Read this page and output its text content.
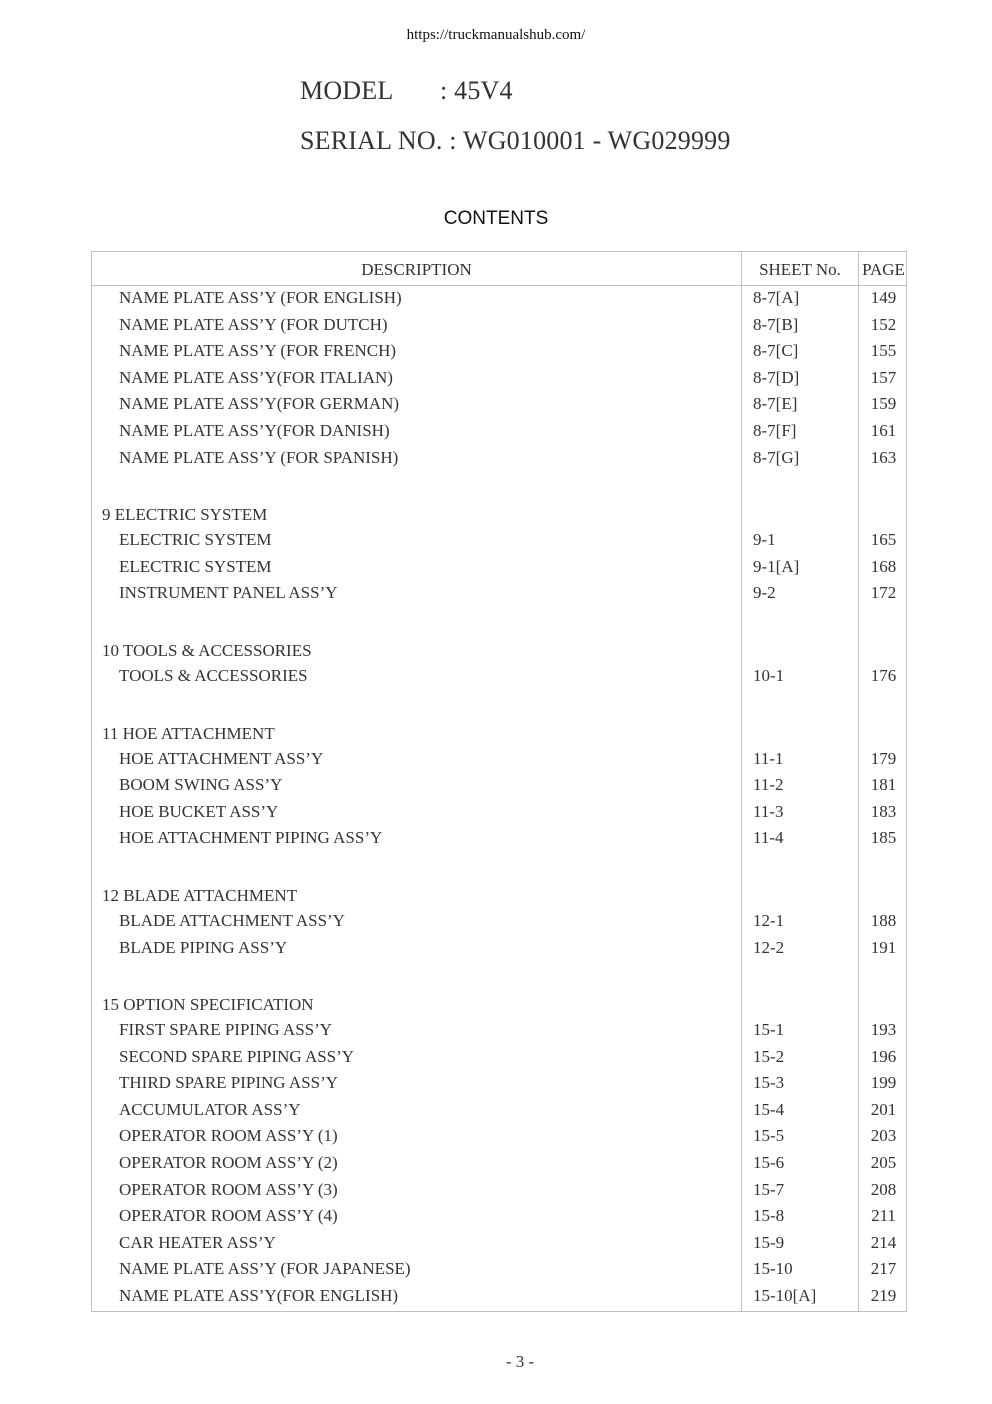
https://truckmanualshub.com/
MODEL : 45V4
SERIAL NO. : WG010001 - WG029999
CONTENTS
DESCRIPTION	SHEET No.	PAGE
NAME PLATE ASS’Y (FOR ENGLISH)	8-7[A]	149
NAME PLATE ASS’Y (FOR DUTCH)	8-7[B]	152
NAME PLATE ASS’Y (FOR FRENCH)	8-7[C]	155
NAME PLATE ASS’Y(FOR ITALIAN)	8-7[D]	157
NAME PLATE ASS’Y(FOR GERMAN)	8-7[E]	159
NAME PLATE ASS’Y(FOR DANISH)	8-7[F]	161
NAME PLATE ASS’Y (FOR SPANISH)	8-7[G]	163
9 ELECTRIC SYSTEM
ELECTRIC SYSTEM	9-1	165
ELECTRIC SYSTEM	9-1[A]	168
INSTRUMENT PANEL ASS’Y	9-2	172
10 TOOLS & ACCESSORIES
TOOLS & ACCESSORIES	10-1	176
11 HOE ATTACHMENT
HOE ATTACHMENT ASS’Y	11-1	179
BOOM SWING ASS’Y	11-2	181
HOE BUCKET ASS’Y	11-3	183
HOE ATTACHMENT PIPING ASS’Y	11-4	185
12 BLADE ATTACHMENT
BLADE ATTACHMENT ASS’Y	12-1	188
BLADE PIPING ASS’Y	12-2	191
15 OPTION SPECIFICATION
FIRST SPARE PIPING ASS’Y	15-1	193
SECOND SPARE PIPING ASS’Y	15-2	196
THIRD SPARE PIPING ASS’Y	15-3	199
ACCUMULATOR ASS’Y	15-4	201
OPERATOR ROOM ASS’Y (1)	15-5	203
OPERATOR ROOM ASS’Y (2)	15-6	205
OPERATOR ROOM ASS’Y (3)	15-7	208
OPERATOR ROOM ASS’Y (4)	15-8	211
CAR HEATER ASS’Y	15-9	214
NAME PLATE ASS’Y (FOR JAPANESE)	15-10	217
NAME PLATE ASS’Y(FOR ENGLISH)	15-10[A]	219
- 3 -
